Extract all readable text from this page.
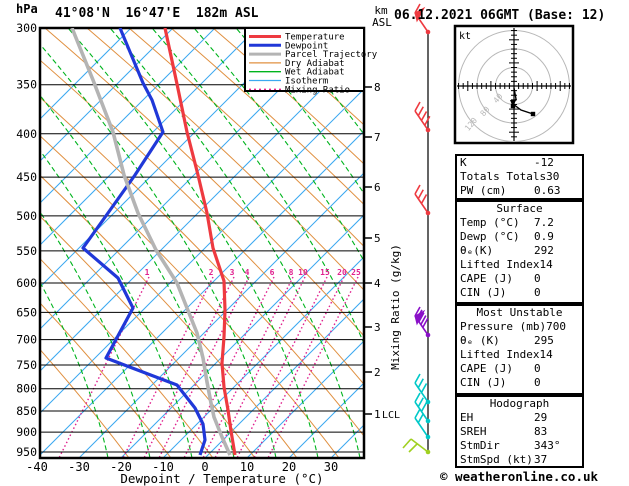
1	2 3 4	6 8 10 15 20 25
300
350
400
450
500
550
600
650
700
750
800
850
900
950
-40 -30 -20 -10 0	10 20 30
Dewpoint / Temperature (°C)
km
ASL
8
7
6
5
4
3
2
1 LCL
Mixing Ratio (g/kg)
Temperature
Dewpoint
Parcel Trajectory
Dry Adiabat
Wet Adiabat
Isotherm
Mixing Ratio
kt
40
80
120
hPa 41°08'N  16°47'E  182m ASL	06.12.2021 06GMT (Base: 12)
K	-12
Totals Totals 30
PW (cm)	0.63
Surface
Temp (°C)	7.2
Dewp (°C)	0.9
θₑ(K)	292
Lifted Index 14
CAPE (J)	0
CIN (J)	0
Most Unstable
Pressure (mb) 700
θₑ (K)	295
Lifted Index 14
CAPE (J)	0
CIN (J)	0
Hodograph
EH	29
SREH	83
StmDir	343°
StmSpd (kt) 37
© weatheronline.co.uk
